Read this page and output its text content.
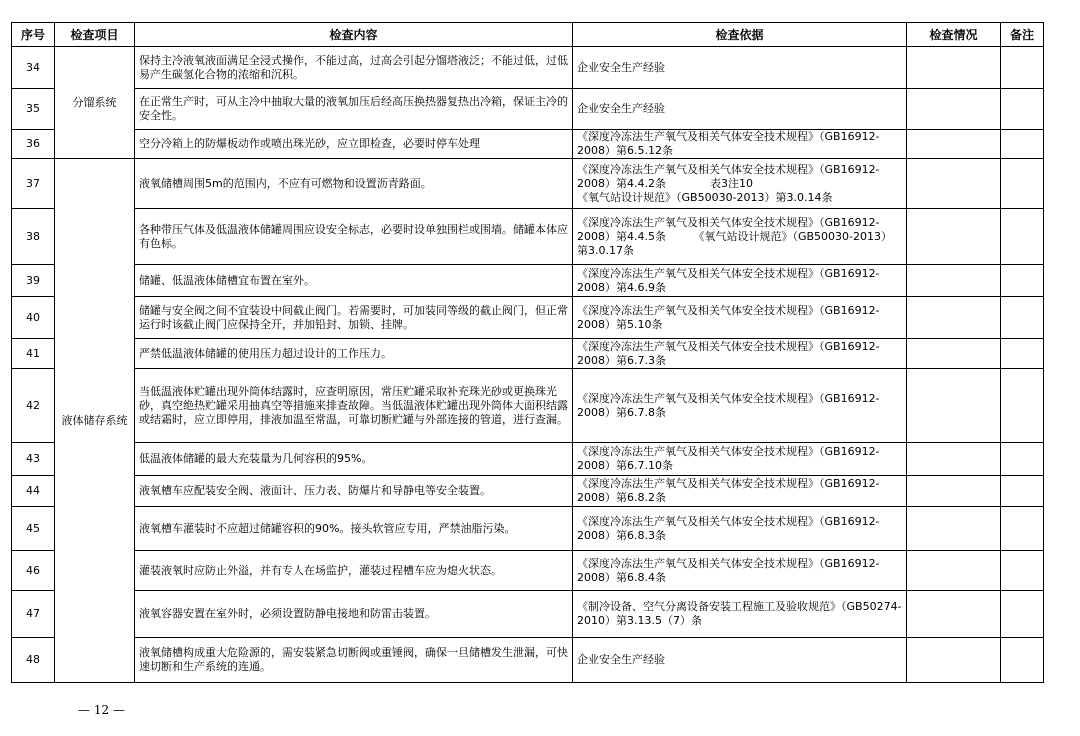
序号	检查项目	检查内容	检查依据	检查情况	备注
34	分馏系统	保持主冷液氧液面满足全浸式操作，不能过高，过高会引起分馏塔液泛；不能过低，过低易产生碳氢化合物的浓缩和沉积。	企业安全生产经验		
35		在正常生产时，可从主冷中抽取大量的液氧加压后经高压换热器复热出冷箱，保证主冷的安全性。	企业安全生产经验		
36		空分冷箱上的防爆板动作或喷出珠光砂，应立即检查，必要时停车处理	《深度冷冻法生产氧气及相关气体安全技术规程》（GB16912-2008）第6.5.12条		
37	液体储存系统	液氧储槽周围5m的范围内，不应有可燃物和设置沥青路面。	《深度冷冻法生产氧气及相关气体安全技术规程》（GB16912-2008）第4.4.2条　　　　表3注10
《氧气站设计规范》（GB50030-2013）第3.0.14条		
38		各种带压气体及低温液体储罐周围应设安全标志，必要时设单独围栏或围墙。储罐本体应有色标。	《深度冷冻法生产氧气及相关气体安全技术规程》（GB16912-2008）第4.4.5条　　　《氧气站设计规范》（GB50030-2013）第3.0.17条		
39		储罐、低温液体储槽宜布置在室外。	《深度冷冻法生产氧气及相关气体安全技术规程》（GB16912-2008）第4.6.9条		
40		储罐与安全阀之间不宜装设中间截止阀门。若需要时，可加装同等级的截止阀门，但正常运行时该截止阀门应保持全开，并加铅封、加锁、挂牌。	《深度冷冻法生产氧气及相关气体安全技术规程》（GB16912-2008）第5.10条		
41		严禁低温液体储罐的使用压力超过设计的工作压力。	《深度冷冻法生产氧气及相关气体安全技术规程》（GB16912-2008）第6.7.3条		
42		当低温液体贮罐出现外筒体结露时，应查明原因，常压贮罐采取补充珠光砂或更换珠光砂，真空绝热贮罐采用抽真空等措施来排查故障。当低温液体贮罐出现外筒体大面积结露或结霜时，应立即停用，排液加温至常温，可靠切断贮罐与外部连接的管道，进行查漏。	《深度冷冻法生产氧气及相关气体安全技术规程》（GB16912-2008）第6.7.8条		
43		低温液体储罐的最大充装量为几何容积的95%。	《深度冷冻法生产氧气及相关气体安全技术规程》（GB16912-2008）第6.7.10条		
44		液氧槽车应配装安全阀、液面计、压力表、防爆片和导静电等安全装置。	《深度冷冻法生产氧气及相关气体安全技术规程》（GB16912-2008）第6.8.2条		
45		液氧槽车灌装时不应超过储罐容积的90%。接头软管应专用，严禁油脂污染。	《深度冷冻法生产氧气及相关气体安全技术规程》（GB16912-2008）第6.8.3条		
46		灌装液氧时应防止外溢，并有专人在场监护，灌装过程槽车应为熄火状态。	《深度冷冻法生产氧气及相关气体安全技术规程》（GB16912-2008）第6.8.4条		
47		液氧容器安置在室外时，必须设置防静电接地和防雷击装置。	《制冷设备、空气分离设备安装工程施工及验收规范》（GB50274-2010）第3.13.5（7）条		
48		液氧储槽构成重大危险源的，需安装紧急切断阀或重锤阀，确保一旦储槽发生泄漏，可快速切断和生产系统的连通。	企业安全生产经验		
— 12 —
